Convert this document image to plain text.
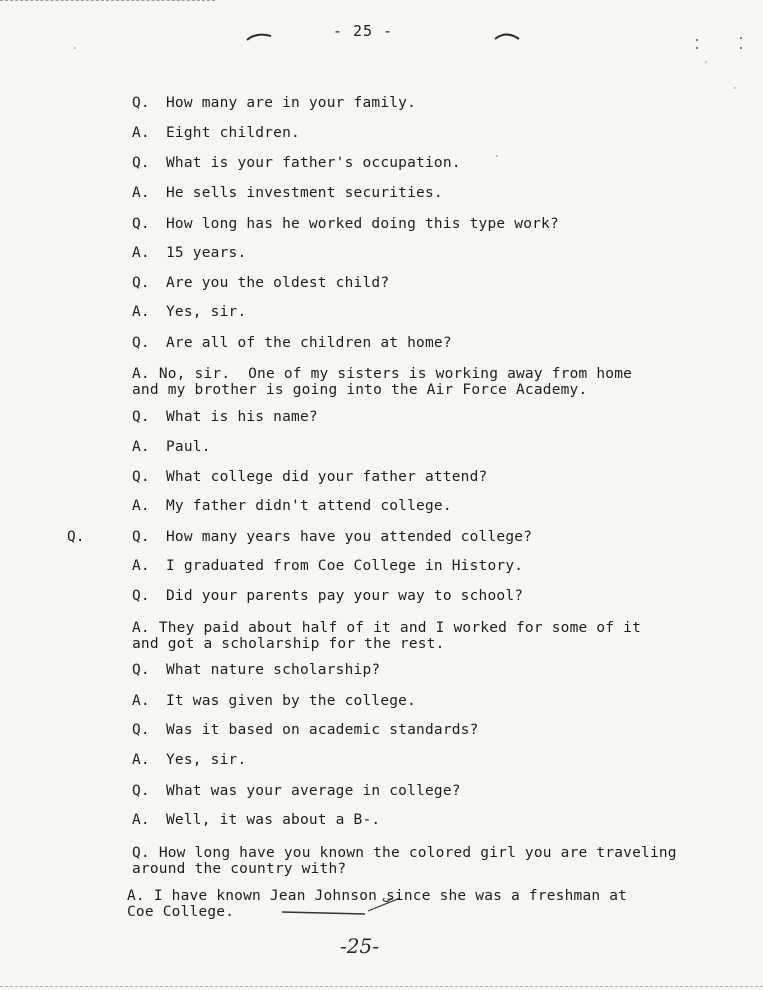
- 25 -
Q. How many are in your family.
A. Eight children.
Q. What is your father's occupation.
A. He sells investment securities.
Q. How long has he worked doing this type work?
A. 15 years.
Q. Are you the oldest child?
A. Yes, sir.
Q. Are all of the children at home?
A. No, sir.  One of my sisters is working away from home
and my brother is going into the Air Force Academy.
Q. What is his name?
A. Paul.
Q. What college did your father attend?
A. My father didn't attend college.
Q. How many years have you attended college?
A. I graduated from Coe College in History.
Q. Did your parents pay your way to school?
A. They paid about half of it and I worked for some of it
and got a scholarship for the rest.
Q. What nature scholarship?
A. It was given by the college.
Q. Was it based on academic standards?
A. Yes, sir.
Q. What was your average in college?
A. Well, it was about a B-.
Q. How long have you known the colored girl you are traveling
around the country with?
A. I have known Jean Johnson since she was a freshman at
Coe College.
Q.
-25-
